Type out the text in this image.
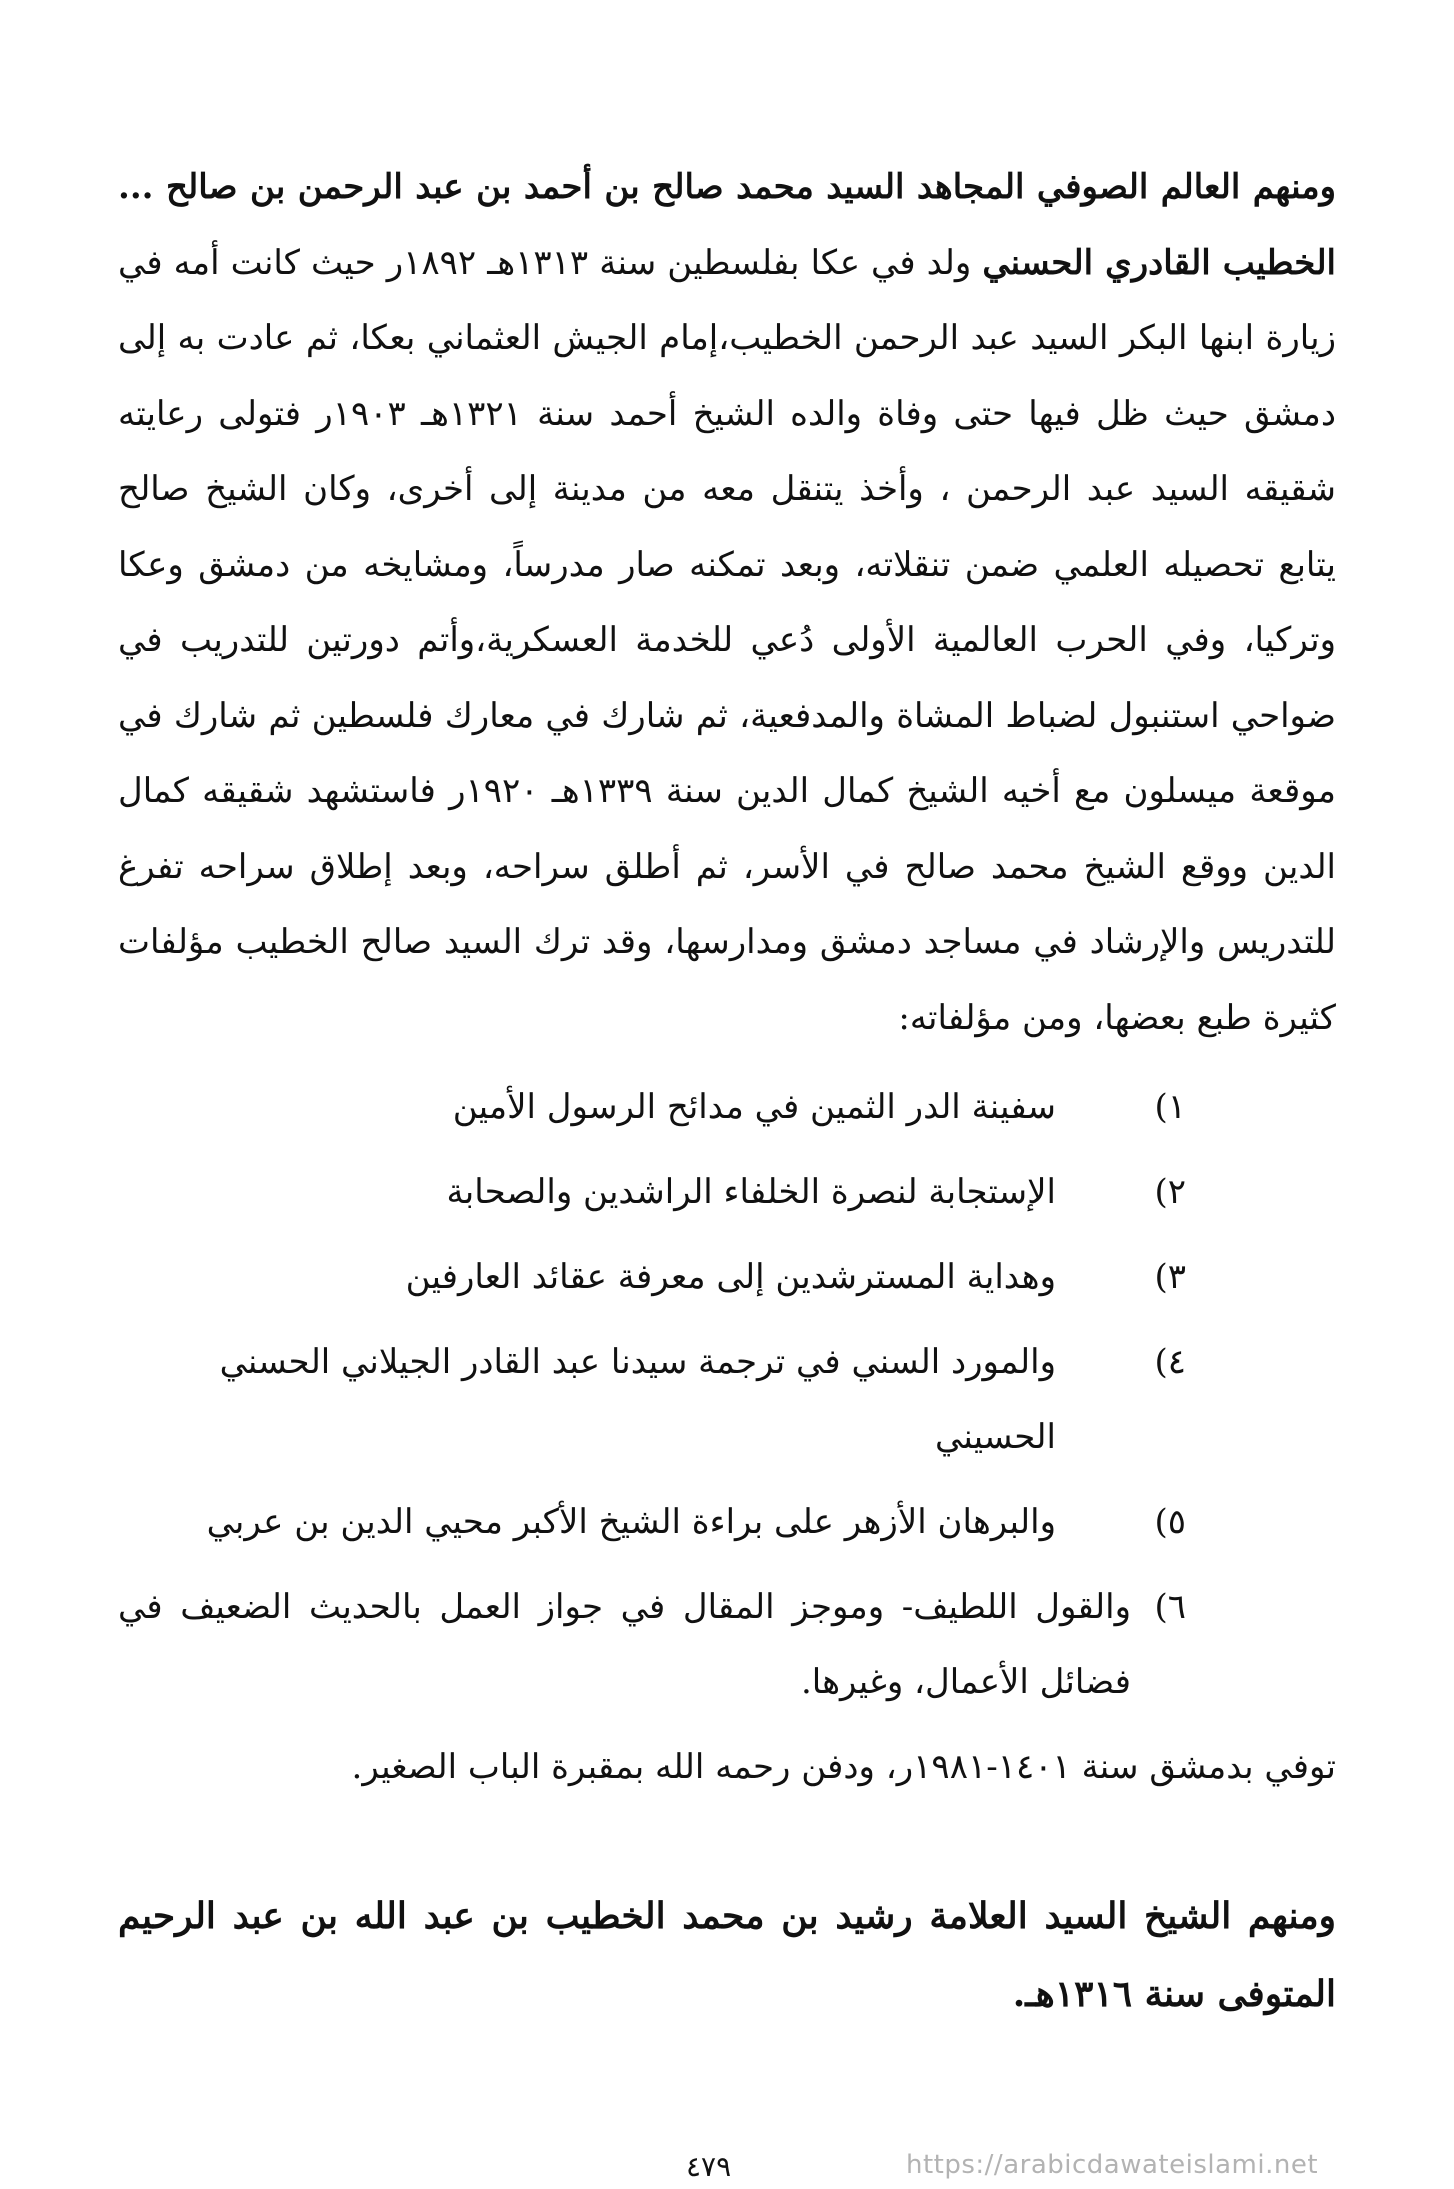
ومنهم العالم الصوفي المجاهد السيد محمد صالح بن أحمد بن عبد الرحمن بن صالح ... الخطيب القادري الحسني ولد في عكا بفلسطين سنة ١٣١٣هـ ١٨٩٢ر حيث كانت أمه في زيارة ابنها البكر السيد عبد الرحمن الخطيب،إمام الجيش العثماني بعكا، ثم عادت به إلى دمشق حيث ظل فيها حتى وفاة والده الشيخ أحمد سنة ١٣٢١هـ ١٩٠٣ر فتولى رعايته شقيقه السيد عبد الرحمن ، وأخذ يتنقل معه من مدينة إلى أخرى، وكان الشيخ صالح يتابع تحصيله العلمي ضمن تنقلاته، وبعد تمكنه صار مدرساً، ومشايخه من دمشق وعكا وتركيا، وفي الحرب العالمية الأولى دُعي للخدمة العسكرية،وأتم دورتين للتدريب في ضواحي استنبول لضباط المشاة والمدفعية، ثم شارك في معارك فلسطين ثم شارك في موقعة ميسلون مع أخيه الشيخ كمال الدين سنة ١٣٣٩هـ ١٩٢٠ر فاستشهد شقيقه كمال الدين ووقع الشيخ محمد صالح في الأسر، ثم أطلق سراحه، وبعد إطلاق سراحه تفرغ للتدريس والإرشاد في مساجد دمشق ومدارسها، وقد ترك السيد صالح الخطيب مؤلفات كثيرة طبع بعضها، ومن مؤلفاته:

١)
سفينة الدر الثمين في مدائح الرسول الأمين
٢)
الإستجابة لنصرة الخلفاء الراشدين والصحابة
٣)
وهداية المسترشدين إلى معرفة عقائد العارفين
٤)
والمورد السني في ترجمة سيدنا عبد القادر الجيلاني الحسني الحسيني
٥)
والبرهان الأزهر على براءة الشيخ الأكبر محيي الدين بن عربي
٦)
والقول اللطيف- وموجز المقال في جواز العمل بالحديث الضعيف في فضائل الأعمال، وغيرها.

توفي بدمشق سنة ١٤٠١-١٩٨١ر، ودفن رحمه الله بمقبرة الباب الصغير.

ومنهم الشيخ السيد العلامة رشيد بن محمد الخطيب بن عبد الله بن عبد الرحيم المتوفى سنة ١٣١٦هـ.

٤٧٩	https://arabicdawateislami.net
